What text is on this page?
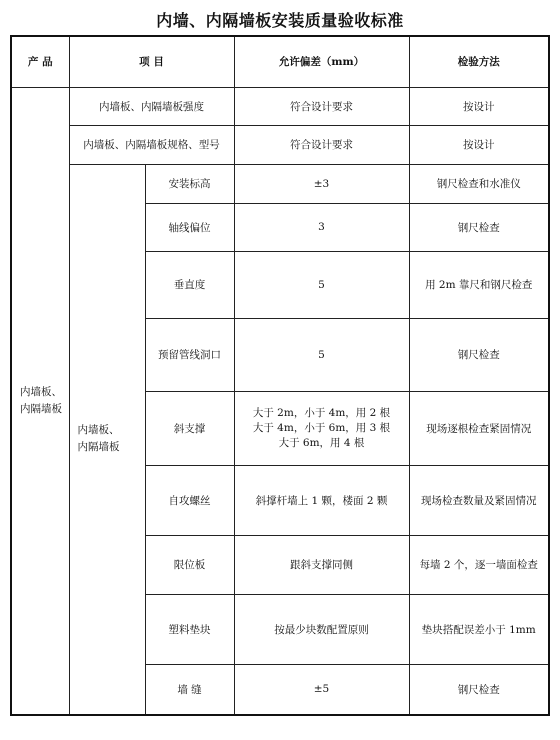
内墙、内隔墙板安装质量验收标准
产 品	项 目		允许偏差（mm）	检验方法
内墙板、
内隔墙板	内墙板、内隔墙板强度		符合设计要求	按设计
	内墙板、内隔墙板规格、型号		符合设计要求	按设计
	内墙板、
内隔墙板	安装标高	±3	钢尺检查和水准仪
		轴线偏位	3	钢尺检查
		垂直度	5	用 2m 靠尺和钢尺检查
		预留管线洞口	5	钢尺检查
		斜支撑	大于 2m，小于 4m，用 2 根
大于 4m，小于 6m，用 3 根
大于 6m，用 4 根	现场逐根检查紧固情况
		自攻螺丝	斜撑杆墙上 1 颗，楼面 2 颗	现场检查数量及紧固情况
		限位板	跟斜支撑同侧	每墙 2 个，逐一墙面检查
		塑料垫块	按最少块数配置原则	垫块搭配误差小于 1mm
		墙 缝	±5	钢尺检查
